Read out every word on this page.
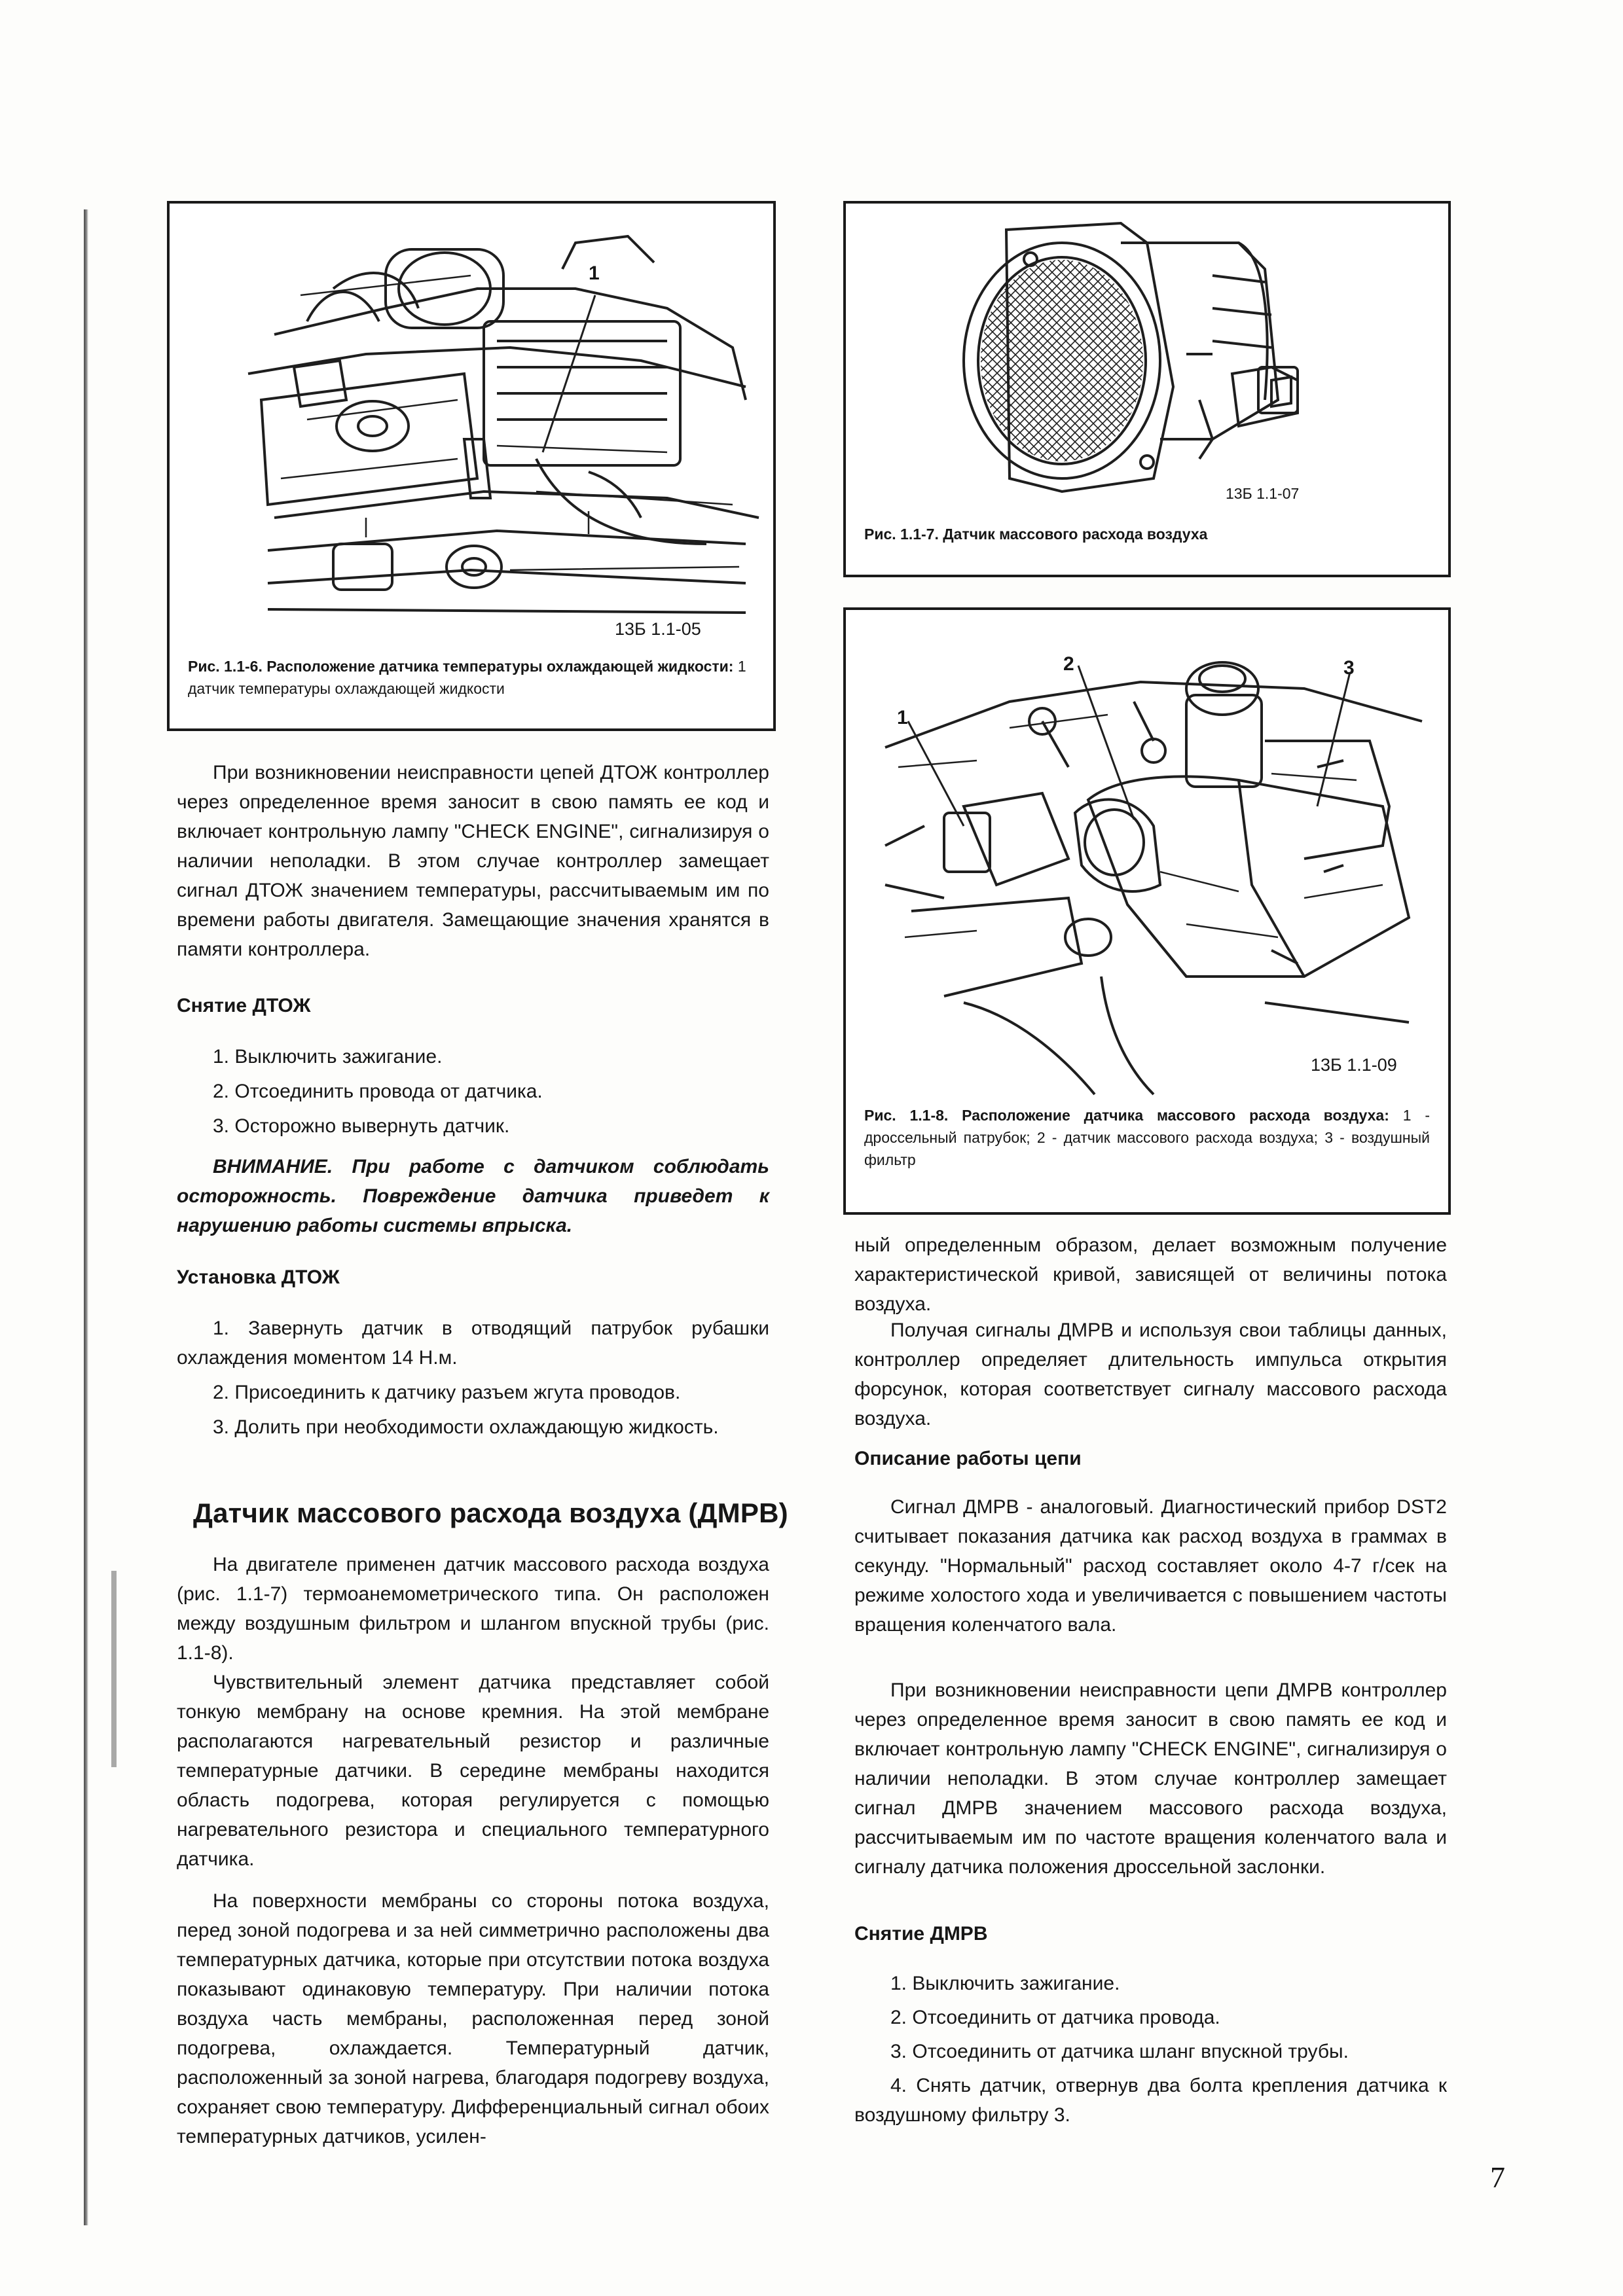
1
13Б 1.1-05
Рис. 1.1-6. Расположение датчика температуры охлаждающей жидкости: 1 датчик температуры охлаждающей жидкости
13Б 1.1-07
Рис. 1.1-7. Датчик массового расхода воздуха
1
2	3
13Б 1.1-09
Рис. 1.1-8. Расположение датчика массового расхода воздуха: 1 - дроссельный патрубок; 2 - датчик массового расхода воздуха; 3 - воздушный фильтр
При возникновении неисправности цепей ДТОЖ контроллер через определенное время заносит в свою память ее код и включает контрольную лампу "CHECK ENGINE", сигнализируя о наличии неполадки. В этом случае контроллер замещает сигнал ДТОЖ значением температуры, рассчитываемым им по времени работы двигателя. Замещающие значения хранятся в памяти контроллера.
Снятие ДТОЖ
1. Выключить зажигание.
2. Отсоединить провода от датчика.
3. Осторожно вывернуть датчик.
ВНИМАНИЕ. При работе с датчиком соблюдать осторожность. Повреждение датчика приведет к нарушению работы системы впрыска.
Установка ДТОЖ
1. Завернуть датчик в отводящий патрубок рубашки охлаждения моментом 14 Н.м.
2. Присоединить к датчику разъем жгута проводов.
3. Долить при необходимости охлаждающую жидкость.
Датчик массового расхода воздуха (ДМРВ)
На двигателе применен датчик массового расхода воздуха (рис. 1.1-7) термоанемометрического типа. Он расположен между воздушным фильтром и шлангом впускной трубы (рис. 1.1-8).
Чувствительный элемент датчика представляет собой тонкую мембрану на основе кремния. На этой мембране располагаются нагревательный резистор и различные температурные датчики. В середине мембраны находится область подогрева, которая регулируется с помощью нагревательного резистора и специального температурного датчика.
На поверхности мембраны со стороны потока воздуха, перед зоной подогрева и за ней симметрично расположены два температурных датчика, которые при отсутствии потока воздуха показывают одинаковую температуру. При наличии потока воздуха часть мембраны, расположенная перед зоной подогрева, охлаждается. Температурный датчик, расположенный за зоной нагрева, благодаря подогреву воздуха, сохраняет свою температуру. Дифференциальный сигнал обоих температурных датчиков, усилен-
ный определенным образом, делает возможным получение характеристической кривой, зависящей от величины потока воздуха.
Получая сигналы ДМРВ и используя свои таблицы данных, контроллер определяет длительность импульса открытия форсунок, которая соответствует сигналу массового расхода воздуха.
Описание работы цепи
Сигнал ДМРВ - аналоговый. Диагностический прибор DST2 считывает показания датчика как расход воздуха в граммах в секунду. "Нормальный" расход составляет около 4-7 г/сек на режиме холостого хода и увеличивается с повышением частоты вращения коленчатого вала.
При возникновении неисправности цепи ДМРВ контроллер через определенное время заносит в свою память ее код и включает контрольную лампу "CHECK ENGINE", сигнализируя о наличии неполадки. В этом случае контроллер замещает сигнал ДМРВ значением массового расхода воздуха, рассчитываемым им по частоте вращения коленчатого вала и сигналу датчика положения дроссельной заслонки.
Снятие ДМРВ
1. Выключить зажигание.
2. Отсоединить от датчика провода.
3. Отсоединить от датчика шланг впускной трубы.
4. Снять датчик, отвернув два болта крепления датчика к воздушному фильтру 3.
7
